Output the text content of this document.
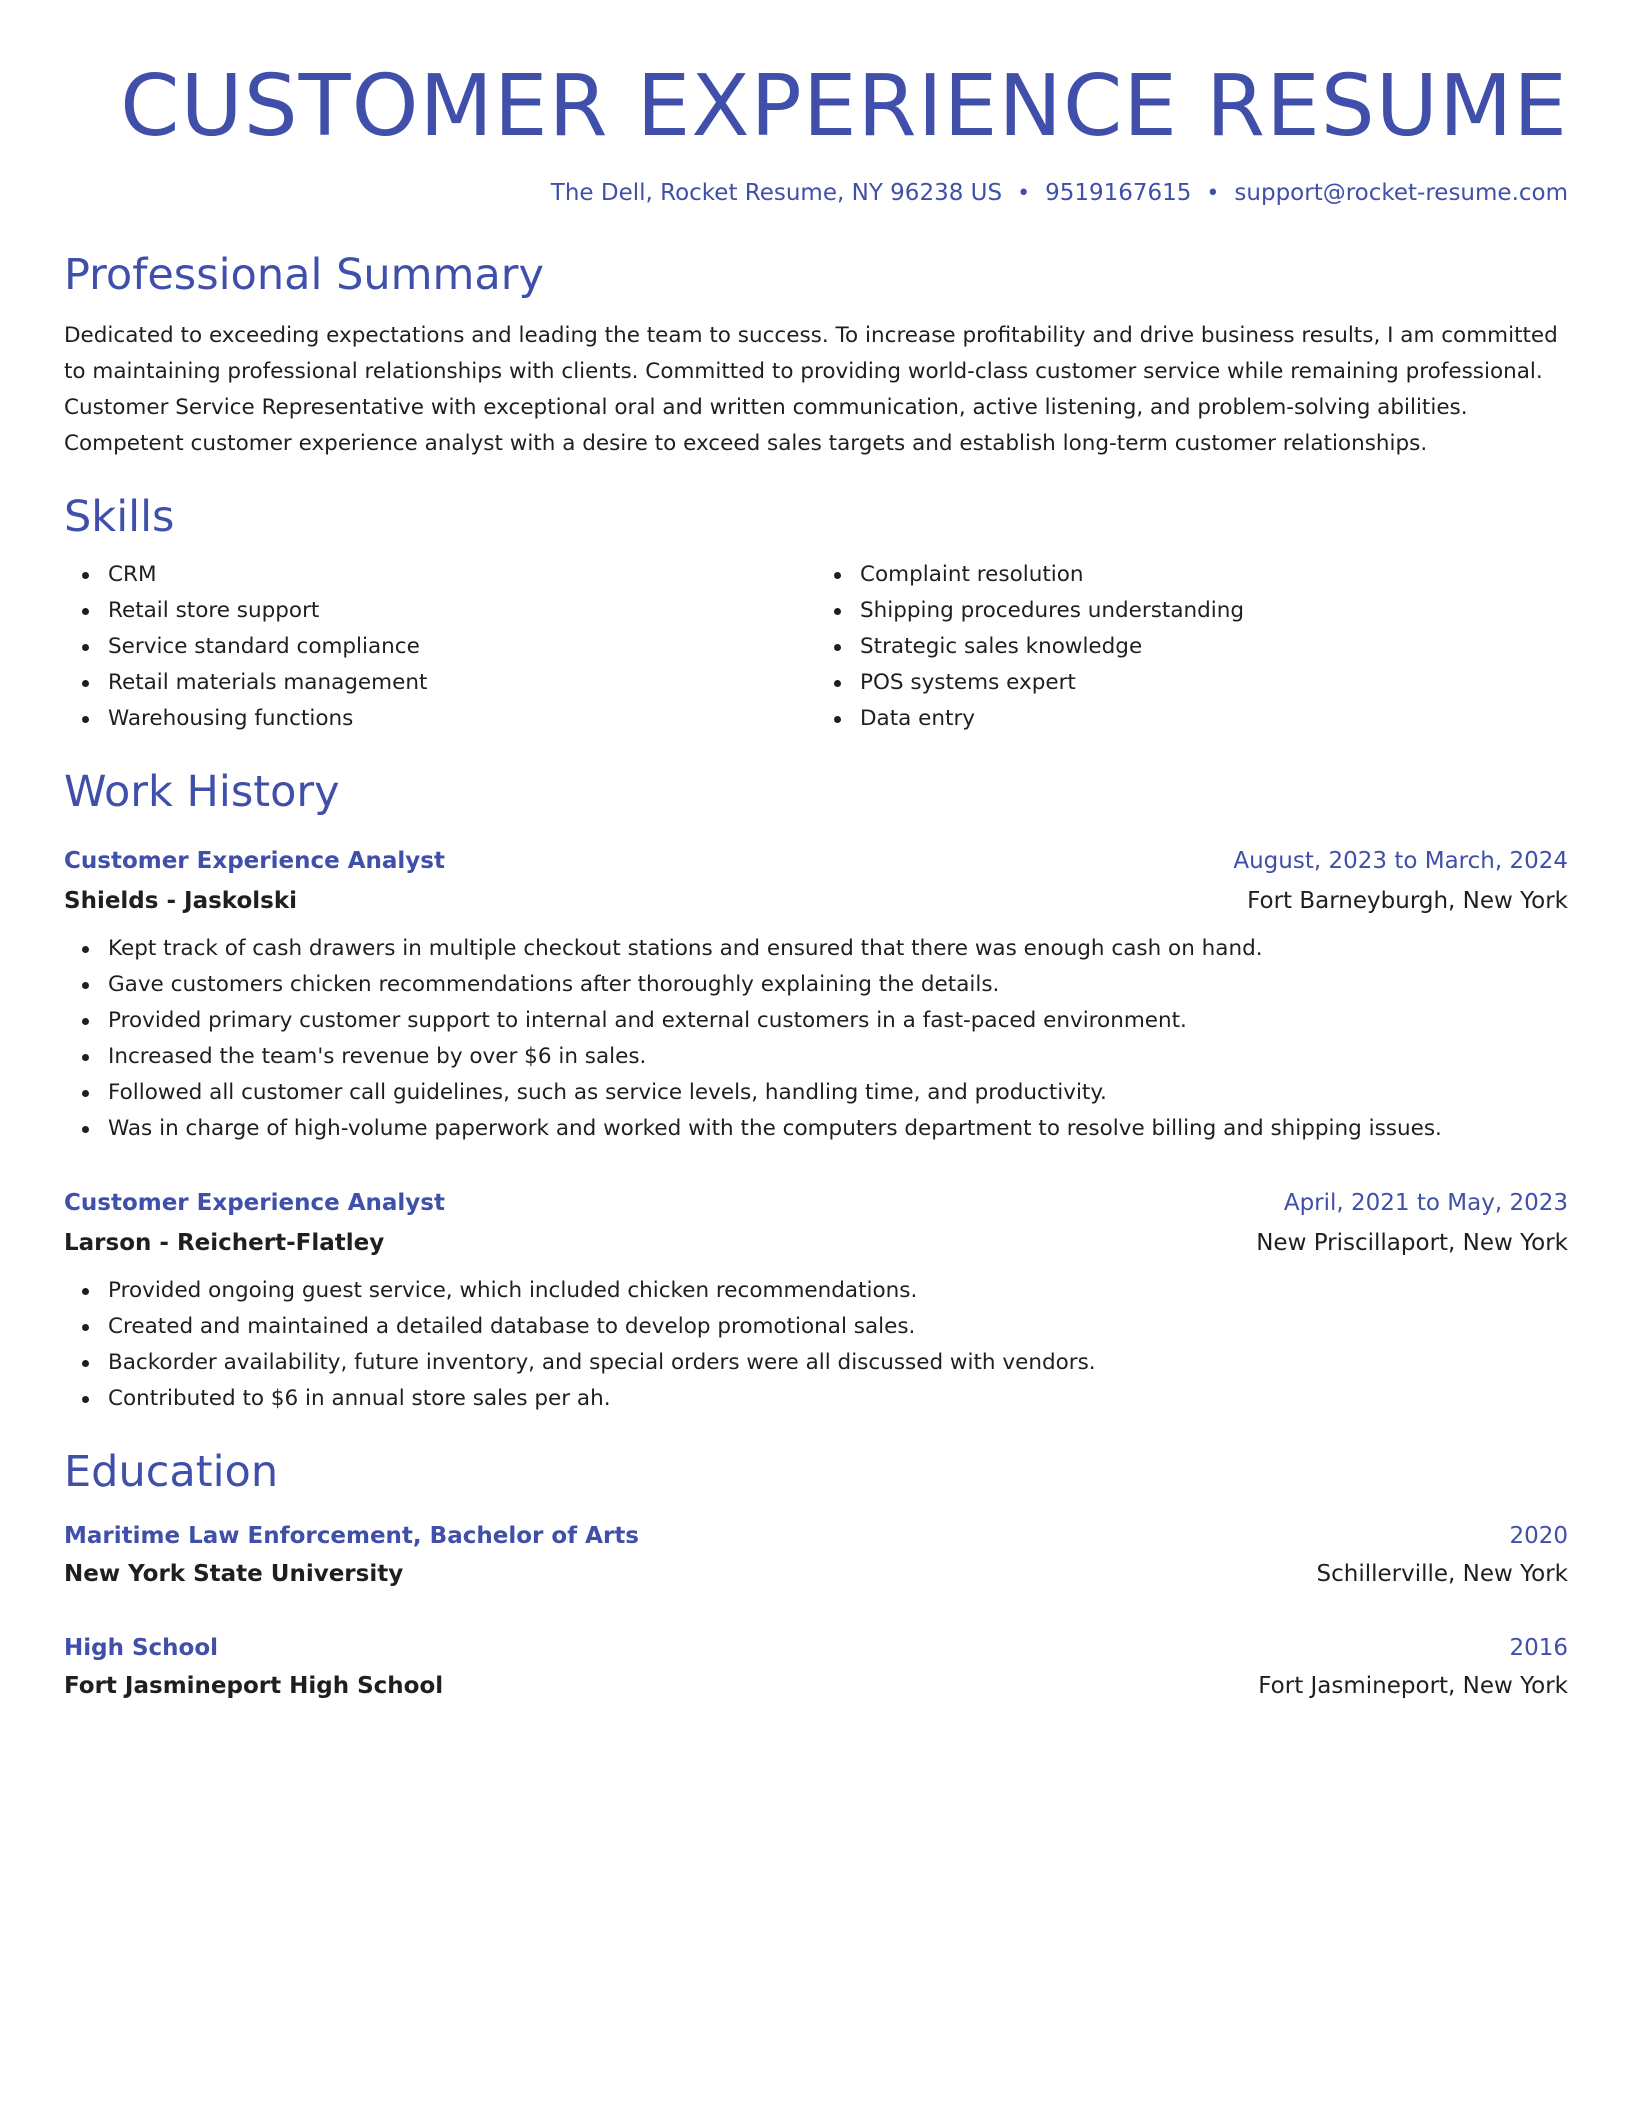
CUSTOMER EXPERIENCE RESUME
The Dell, Rocket Resume, NY 96238 US • 9519167615 • support@rocket-resume.com
Professional Summary

Dedicated to exceeding expectations and leading the team to success. To increase profitability and drive business results, I am committed to maintaining professional relationships with clients. Committed to providing world-class customer service while remaining professional. Customer Service Representative with exceptional oral and written communication, active listening, and problem-solving abilities. Competent customer experience analyst with a desire to exceed sales targets and establish long-term customer relationships.

Skills
CRM
Retail store support
Service standard compliance
Retail materials management
Warehousing functions
Complaint resolution
Shipping procedures understanding
Strategic sales knowledge
POS systems expert
Data entry
Work History
Customer Experience Analyst	August, 2023 to March, 2024
Shields - Jaskolski	Fort Barneyburgh, New York
Kept track of cash drawers in multiple checkout stations and ensured that there was enough cash on hand.
Gave customers chicken recommendations after thoroughly explaining the details.
Provided primary customer support to internal and external customers in a fast-paced environment.
Increased the team's revenue by over $6 in sales.
Followed all customer call guidelines, such as service levels, handling time, and productivity.
Was in charge of high-volume paperwork and worked with the computers department to resolve billing and shipping issues.
Customer Experience Analyst	April, 2021 to May, 2023
Larson - Reichert-Flatley	New Priscillaport, New York
Provided ongoing guest service, which included chicken recommendations.
Created and maintained a detailed database to develop promotional sales.
Backorder availability, future inventory, and special orders were all discussed with vendors.
Contributed to $6 in annual store sales per ah.
Education
Maritime Law Enforcement, Bachelor of Arts	2020
New York State University	Schillerville, New York
High School	2016
Fort Jasmineport High School	Fort Jasmineport, New York
